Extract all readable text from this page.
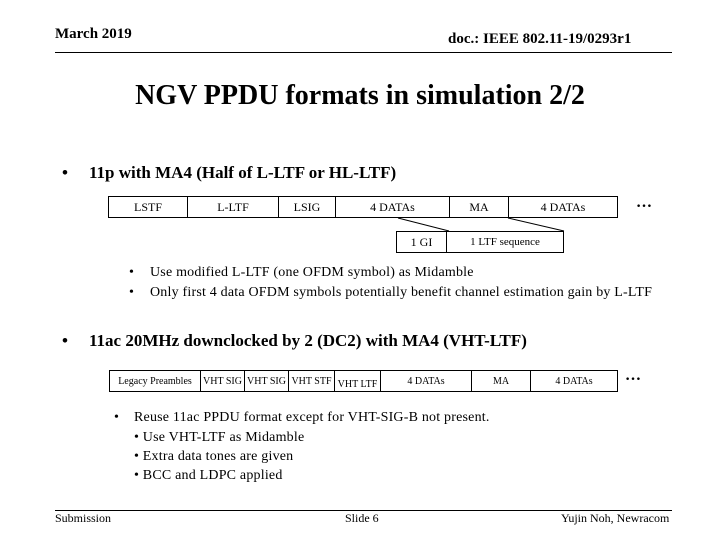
March 2019	doc.: IEEE 802.11-19/0293r1
NGV PPDU formats in simulation 2/2
• 11p with MA4 (Half of L-LTF or HL-LTF)
LSTF	L-LTF	LSIG	4 DATAs	MA	4 DATAs	…
1 GI	1 LTF sequence
• Use modified L-LTF (one OFDM symbol) as Midamble
• Only first 4 data OFDM symbols potentially benefit channel estimation gain by L-LTF
• 11ac 20MHz downclocked by 2 (DC2) with MA4 (VHT-LTF)
Legacy Preambles	VHT SIG VHT SIG VHT STF VHT LTF	4 DATAs	MA	4 DATAs	…
• Reuse 11ac PPDU format except for VHT-SIG-B not present.
• Use VHT-LTF as Midamble
• Extra data tones are given
• BCC and LDPC applied
Submission	Slide 6	Yujin Noh, Newracom
